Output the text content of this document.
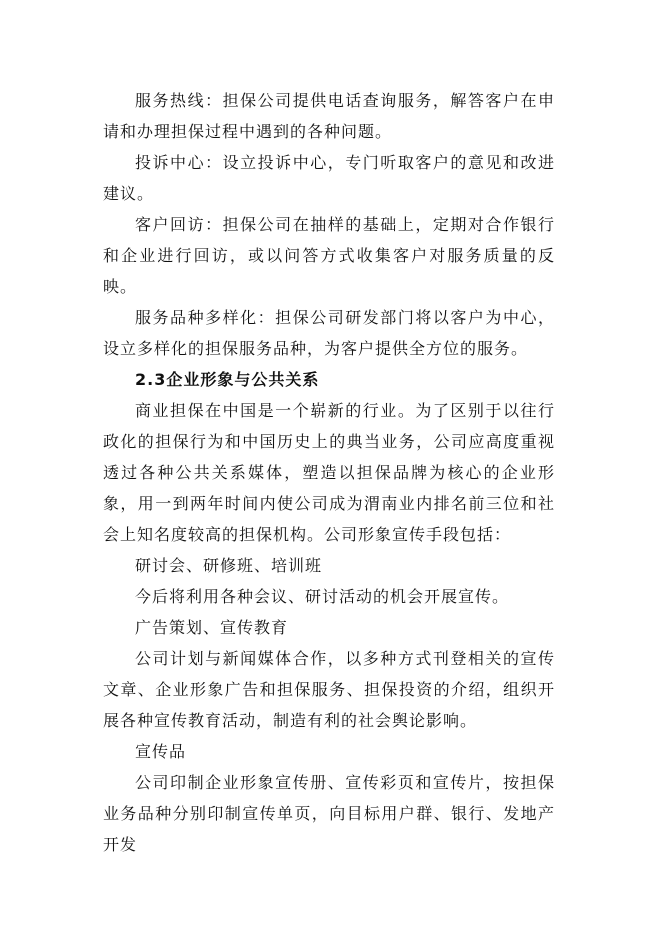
服务热线：担保公司提供电话查询服务，解答客户在申请和办理担保过程中遇到的各种问题。

投诉中心：设立投诉中心，专门听取客户的意见和改进建议。

客户回访：担保公司在抽样的基础上，定期对合作银行和企业进行回访，或以问答方式收集客户对服务质量的反映。

服务品种多样化：担保公司研发部门将以客户为中心，设立多样化的担保服务品种，为客户提供全方位的服务。

2.3企业形象与公共关系

商业担保在中国是一个崭新的行业。为了区别于以往行政化的担保行为和中国历史上的典当业务，公司应高度重视透过各种公共关系媒体，塑造以担保品牌为核心的企业形象，用一到两年时间内使公司成为渭南业内排名前三位和社会上知名度较高的担保机构。公司形象宣传手段包括：

研讨会、研修班、培训班

今后将利用各种会议、研讨活动的机会开展宣传。

广告策划、宣传教育

公司计划与新闻媒体合作，以多种方式刊登相关的宣传文章、企业形象广告和担保服务、担保投资的介绍，组织开展各种宣传教育活动，制造有利的社会舆论影响。

宣传品

公司印制企业形象宣传册、宣传彩页和宣传片，按担保业务品种分别印制宣传单页，向目标用户群、银行、发地产开发
